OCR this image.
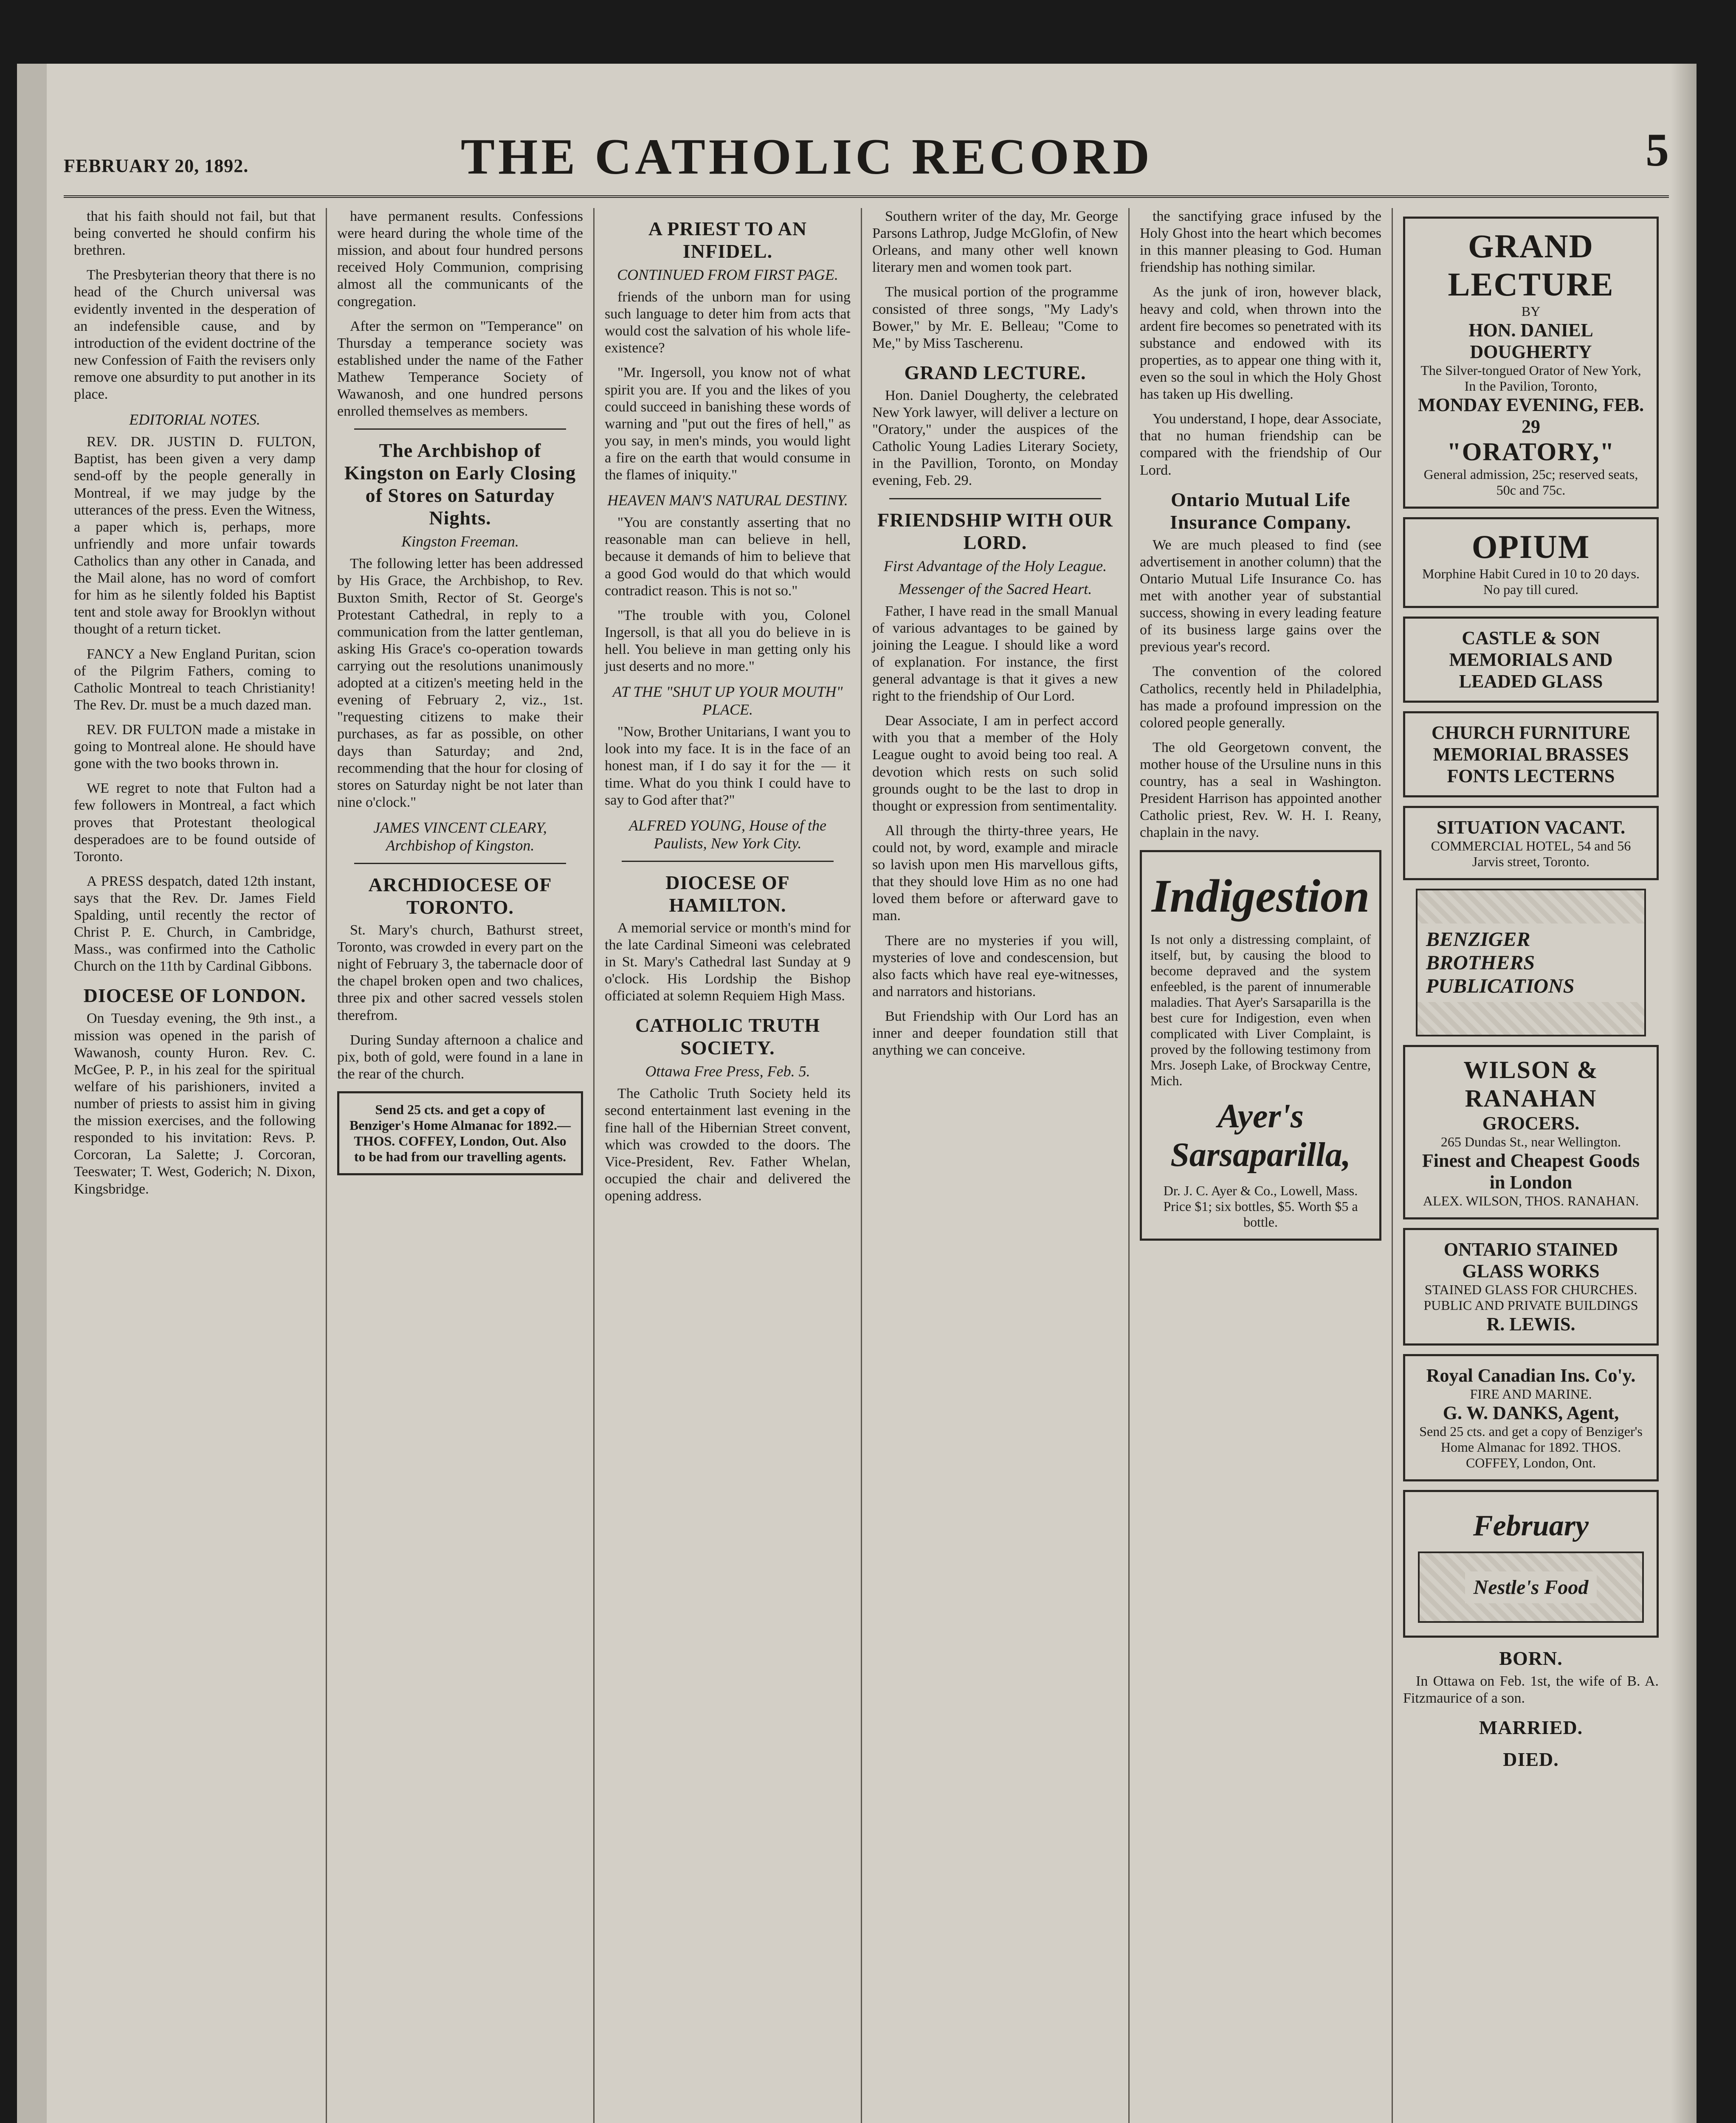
FEBRUARY 20, 1892.	THE CATHOLIC RECORD	5

that his faith should not fail, but that being converted he should confirm his brethren.

The Presbyterian theory that there is no head of the Church universal was evidently invented in the desperation of an indefensible cause, and by introduction of the evident doctrine of the new Confession of Faith the revisers only remove one absurdity to put another in its place.

EDITORIAL NOTES.

REV. DR. JUSTIN D. FULTON, Baptist, has been given a very damp send-off by the people generally in Montreal, if we may judge by the utterances of the press. Even the Witness, a paper which is, perhaps, more unfriendly and more unfair towards Catholics than any other in Canada, and the Mail alone, has no word of comfort for him as he silently folded his Baptist tent and stole away for Brooklyn without thought of a return ticket.

FANCY a New England Puritan, scion of the Pilgrim Fathers, coming to Catholic Montreal to teach Christianity! The Rev. Dr. must be a much dazed man.

REV. DR FULTON made a mistake in going to Montreal alone. He should have gone with the two books thrown in.

WE regret to note that Fulton had a few followers in Montreal, a fact which proves that Protestant theological desperadoes are to be found outside of Toronto.

A PRESS despatch, dated 12th instant, says that the Rev. Dr. James Field Spalding, until recently the rector of Christ P. E. Church, in Cambridge, Mass., was confirmed into the Catholic Church on the 11th by Cardinal Gibbons.

DIOCESE OF LONDON.

On Tuesday evening, the 9th inst., a mission was opened in the parish of Wawanosh, county Huron. Rev. C. McGee, P. P., in his zeal for the spiritual welfare of his parishioners, invited a number of priests to assist him in giving the mission exercises, and the following responded to his invitation: Revs. P. Corcoran, La Salette; J. Corcoran, Teeswater; T. West, Goderich; N. Dixon, Kingsbridge.

have permanent results. Confessions were heard during the whole time of the mission, and about four hundred persons received Holy Communion, comprising almost all the communicants of the congregation.

After the sermon on "Temperance" on Thursday a temperance society was established under the name of the Father Mathew Temperance Society of Wawanosh, and one hundred persons enrolled themselves as members.

The Archbishop of Kingston on Early Closing of Stores on Saturday Nights.
Kingston Freeman.

The following letter has been addressed by His Grace, the Archbishop, to Rev. Buxton Smith, Rector of St. George's Protestant Cathedral, in reply to a communication from the latter gentleman, asking His Grace's co-operation towards carrying out the resolutions unanimously adopted at a citizen's meeting held in the evening of February 2, viz., 1st. "requesting citizens to make their purchases, as far as possible, on other days than Saturday; and 2nd, recommending that the hour for closing of stores on Saturday night be not later than nine o'clock."

JAMES VINCENT CLEARY, Archbishop of Kingston.
ARCHDIOCESE OF TORONTO.

St. Mary's church, Bathurst street, Toronto, was crowded in every part on the night of February 3, the tabernacle door of the chapel broken open and two chalices, three pix and other sacred vessels stolen therefrom.

During Sunday afternoon a chalice and pix, both of gold, were found in a lane in the rear of the church.

Send 25 cts. and get a copy of Benziger's Home Almanac for 1892.—THOS. COFFEY, London, Out. Also to be had from our travelling agents.
A PRIEST TO AN INFIDEL.
CONTINUED FROM FIRST PAGE.

friends of the unborn man for using such language to deter him from acts that would cost the salvation of his whole life-existence?

"Mr. Ingersoll, you know not of what spirit you are. If you and the likes of you could succeed in banishing these words of warning and "put out the fires of hell," as you say, in men's minds, you would light a fire on the earth that would consume in the flames of iniquity."

HEAVEN MAN'S NATURAL DESTINY.

"You are constantly asserting that no reasonable man can believe in hell, because it demands of him to believe that a good God would do that which would contradict reason. This is not so."

"The trouble with you, Colonel Ingersoll, is that all you do believe in is hell. You believe in man getting only his just deserts and no more."

AT THE "SHUT UP YOUR MOUTH" PLACE.

"Now, Brother Unitarians, I want you to look into my face. It is in the face of an honest man, if I do say it for the — it time. What do you think I could have to say to God after that?"

ALFRED YOUNG, House of the Paulists, New York City.
DIOCESE OF HAMILTON.

A memorial service or month's mind for the late Cardinal Simeoni was celebrated in St. Mary's Cathedral last Sunday at 9 o'clock. His Lordship the Bishop officiated at solemn Requiem High Mass.

CATHOLIC TRUTH SOCIETY.
Ottawa Free Press, Feb. 5.

The Catholic Truth Society held its second entertainment last evening in the fine hall of the Hibernian Street convent, which was crowded to the doors. The Vice-President, Rev. Father Whelan, occupied the chair and delivered the opening address.

Southern writer of the day, Mr. George Parsons Lathrop, Judge McGlofin, of New Orleans, and many other well known literary men and women took part.

The musical portion of the programme consisted of three songs, "My Lady's Bower," by Mr. E. Belleau; "Come to Me," by Miss Tascherenu.

GRAND LECTURE.

Hon. Daniel Dougherty, the celebrated New York lawyer, will deliver a lecture on "Oratory," under the auspices of the Catholic Young Ladies Literary Society, in the Pavillion, Toronto, on Monday evening, Feb. 29.

FRIENDSHIP WITH OUR LORD.
First Advantage of the Holy League.
Messenger of the Sacred Heart.

Father, I have read in the small Manual of various advantages to be gained by joining the League. I should like a word of explanation. For instance, the first general advantage is that it gives a new right to the friendship of Our Lord.

Dear Associate, I am in perfect accord with you that a member of the Holy League ought to avoid being too real. A devotion which rests on such solid grounds ought to be the last to drop in thought or expression from sentimentality.

All through the thirty-three years, He could not, by word, example and miracle so lavish upon men His marvellous gifts, that they should love Him as no one had loved them before or afterward gave to man.

There are no mysteries if you will, mysteries of love and condescension, but also facts which have real eye-witnesses, and narrators and historians.

But Friendship with Our Lord has an inner and deeper foundation still that anything we can conceive.

the sanctifying grace infused by the Holy Ghost into the heart which becomes in this manner pleasing to God. Human friendship has nothing similar.

As the junk of iron, however black, heavy and cold, when thrown into the ardent fire becomes so penetrated with its substance and endowed with its properties, as to appear one thing with it, even so the soul in which the Holy Ghost has taken up His dwelling.

You understand, I hope, dear Associate, that no human friendship can be compared with the friendship of Our Lord.

Ontario Mutual Life Insurance Company.

We are much pleased to find (see advertisement in another column) that the Ontario Mutual Life Insurance Co. has met with another year of substantial success, showing in every leading feature of its business large gains over the previous year's record.

The convention of the colored Catholics, recently held in Philadelphia, has made a profound impression on the colored people generally.

The old Georgetown convent, the mother house of the Ursuline nuns in this country, has a seal in Washington. President Harrison has appointed another Catholic priest, Rev. W. H. I. Reany, chaplain in the navy.

Indigestion
Is not only a distressing complaint, of itself, but, by causing the blood to become depraved and the system enfeebled, is the parent of innumerable maladies. That Ayer's Sarsaparilla is the best cure for Indigestion, even when complicated with Liver Complaint, is proved by the following testimony from Mrs. Joseph Lake, of Brockway Centre, Mich.
Ayer's Sarsaparilla,
Dr. J. C. Ayer & Co., Lowell, Mass.
Price $1; six bottles, $5. Worth $5 a bottle.
GRAND LECTURE
BY
HON. DANIEL DOUGHERTY
The Silver-tongued Orator of New York, In the Pavilion, Toronto,
MONDAY EVENING, FEB. 29
"ORATORY,"
General admission, 25c; reserved seats, 50c and 75c.
OPIUM
Morphine Habit Cured in 10 to 20 days. No pay till cured.
CASTLE & SON MEMORIALS AND LEADED GLASS
CHURCH FURNITURE MEMORIAL BRASSES FONTS LECTERNS
SITUATION VACANT.
COMMERCIAL HOTEL, 54 and 56 Jarvis street, Toronto.
BENZIGER BROTHERS PUBLICATIONS
WILSON & RANAHAN
GROCERS.
265 Dundas St., near Wellington.
Finest and Cheapest Goods in London
ALEX. WILSON, THOS. RANAHAN.
ONTARIO STAINED GLASS WORKS
STAINED GLASS FOR CHURCHES. PUBLIC AND PRIVATE BUILDINGS
R. LEWIS.
Royal Canadian Ins. Co'y.
FIRE AND MARINE.
G. W. DANKS, Agent,
Send 25 cts. and get a copy of Benziger's Home Almanac for 1892. THOS. COFFEY, London, Ont.
February
Nestle's Food
BORN.

In Ottawa on Feb. 1st, the wife of B. A. Fitzmaurice of a son.

MARRIED.
DIED.
